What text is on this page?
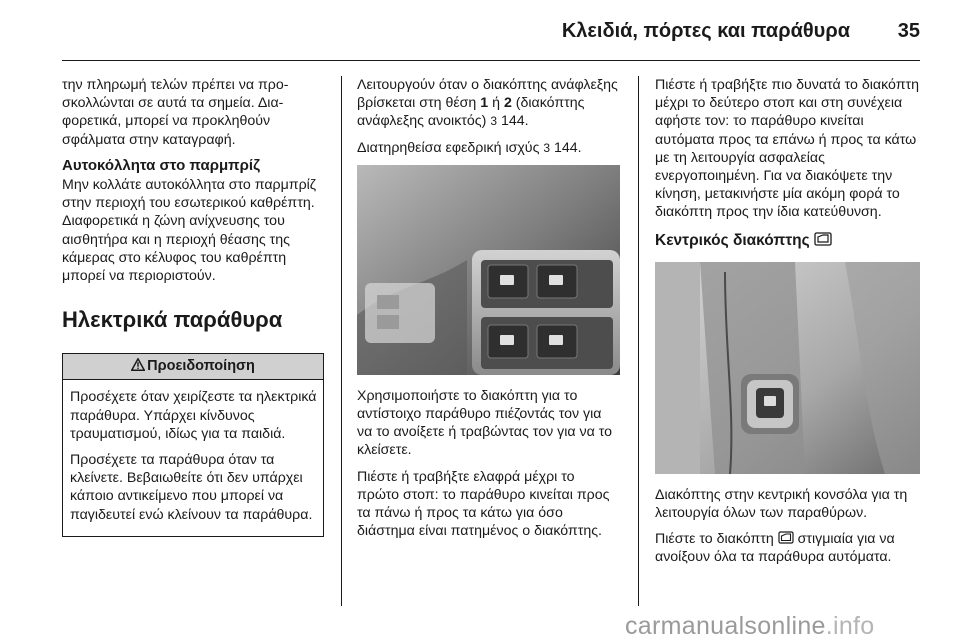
Κλειδιά, πόρτες και παράθυρα 35

την πληρωμή τελών πρέπει να προσκολλώνται σε αυτά τα σημεία. Διαφορετικά, μπορεί να προκληθούν σφάλματα στην καταγραφή.

Αυτοκόλλητα στο παρμπρίζ

Μην κολλάτε αυτοκόλλητα στο παρμπρίζ στην περιοχή του εσωτερικού καθρέπτη. Διαφορετικά η ζώνη ανίχνευσης του αισθητήρα και η περιοχή θέασης της κάμερας στο κέλυφος του καθρέπτη μπορεί να περιοριστούν.

Ηλεκτρικά παράθυρα
Προειδοποίηση

Προσέχετε όταν χειρίζεστε τα ηλεκτρικά παράθυρα. Υπάρχει κίνδυνος τραυματισμού, ιδίως για τα παιδιά.

Προσέχετε τα παράθυρα όταν τα κλείνετε. Βεβαιωθείτε ότι δεν υπάρχει κάποιο αντικείμενο που μπορεί να παγιδευτεί ενώ κλείνουν τα παράθυρα.

Λειτουργούν όταν ο διακόπτης ανάφλεξης βρίσκεται στη θέση 1 ή 2 (διακόπτης ανάφλεξης ανοικτός) 3 144.

Διατηρηθείσα εφεδρική ισχύς 3 144.

Χρησιμοποιήστε το διακόπτη για το αντίστοιχο παράθυρο πιέζοντάς τον για να το ανοίξετε ή τραβώντας τον για να το κλείσετε.

Πιέστε ή τραβήξτε ελαφρά μέχρι το πρώτο στοπ: το παράθυρο κινείται προς τα πάνω ή προς τα κάτω για όσο διάστημα είναι πατημένος ο διακόπτης.

Πιέστε ή τραβήξτε πιο δυνατά το διακόπτη μέχρι το δεύτερο στοπ και στη συνέχεια αφήστε τον: το παράθυρο κινείται αυτόματα προς τα επάνω ή προς τα κάτω με τη λειτουργία ασφαλείας ενεργοποιημένη. Για να διακόψετε την κίνηση, μετακινήστε μία ακόμη φορά το διακόπτη προς την ίδια κατεύθυνση.

Κεντρικός διακόπτης

Διακόπτης στην κεντρική κονσόλα για τη λειτουργία όλων των παραθύρων.

Πιέστε το διακόπτη  στιγμιαία για να ανοίξουν όλα τα παράθυρα αυτόματα.

carmanualsonline.info
